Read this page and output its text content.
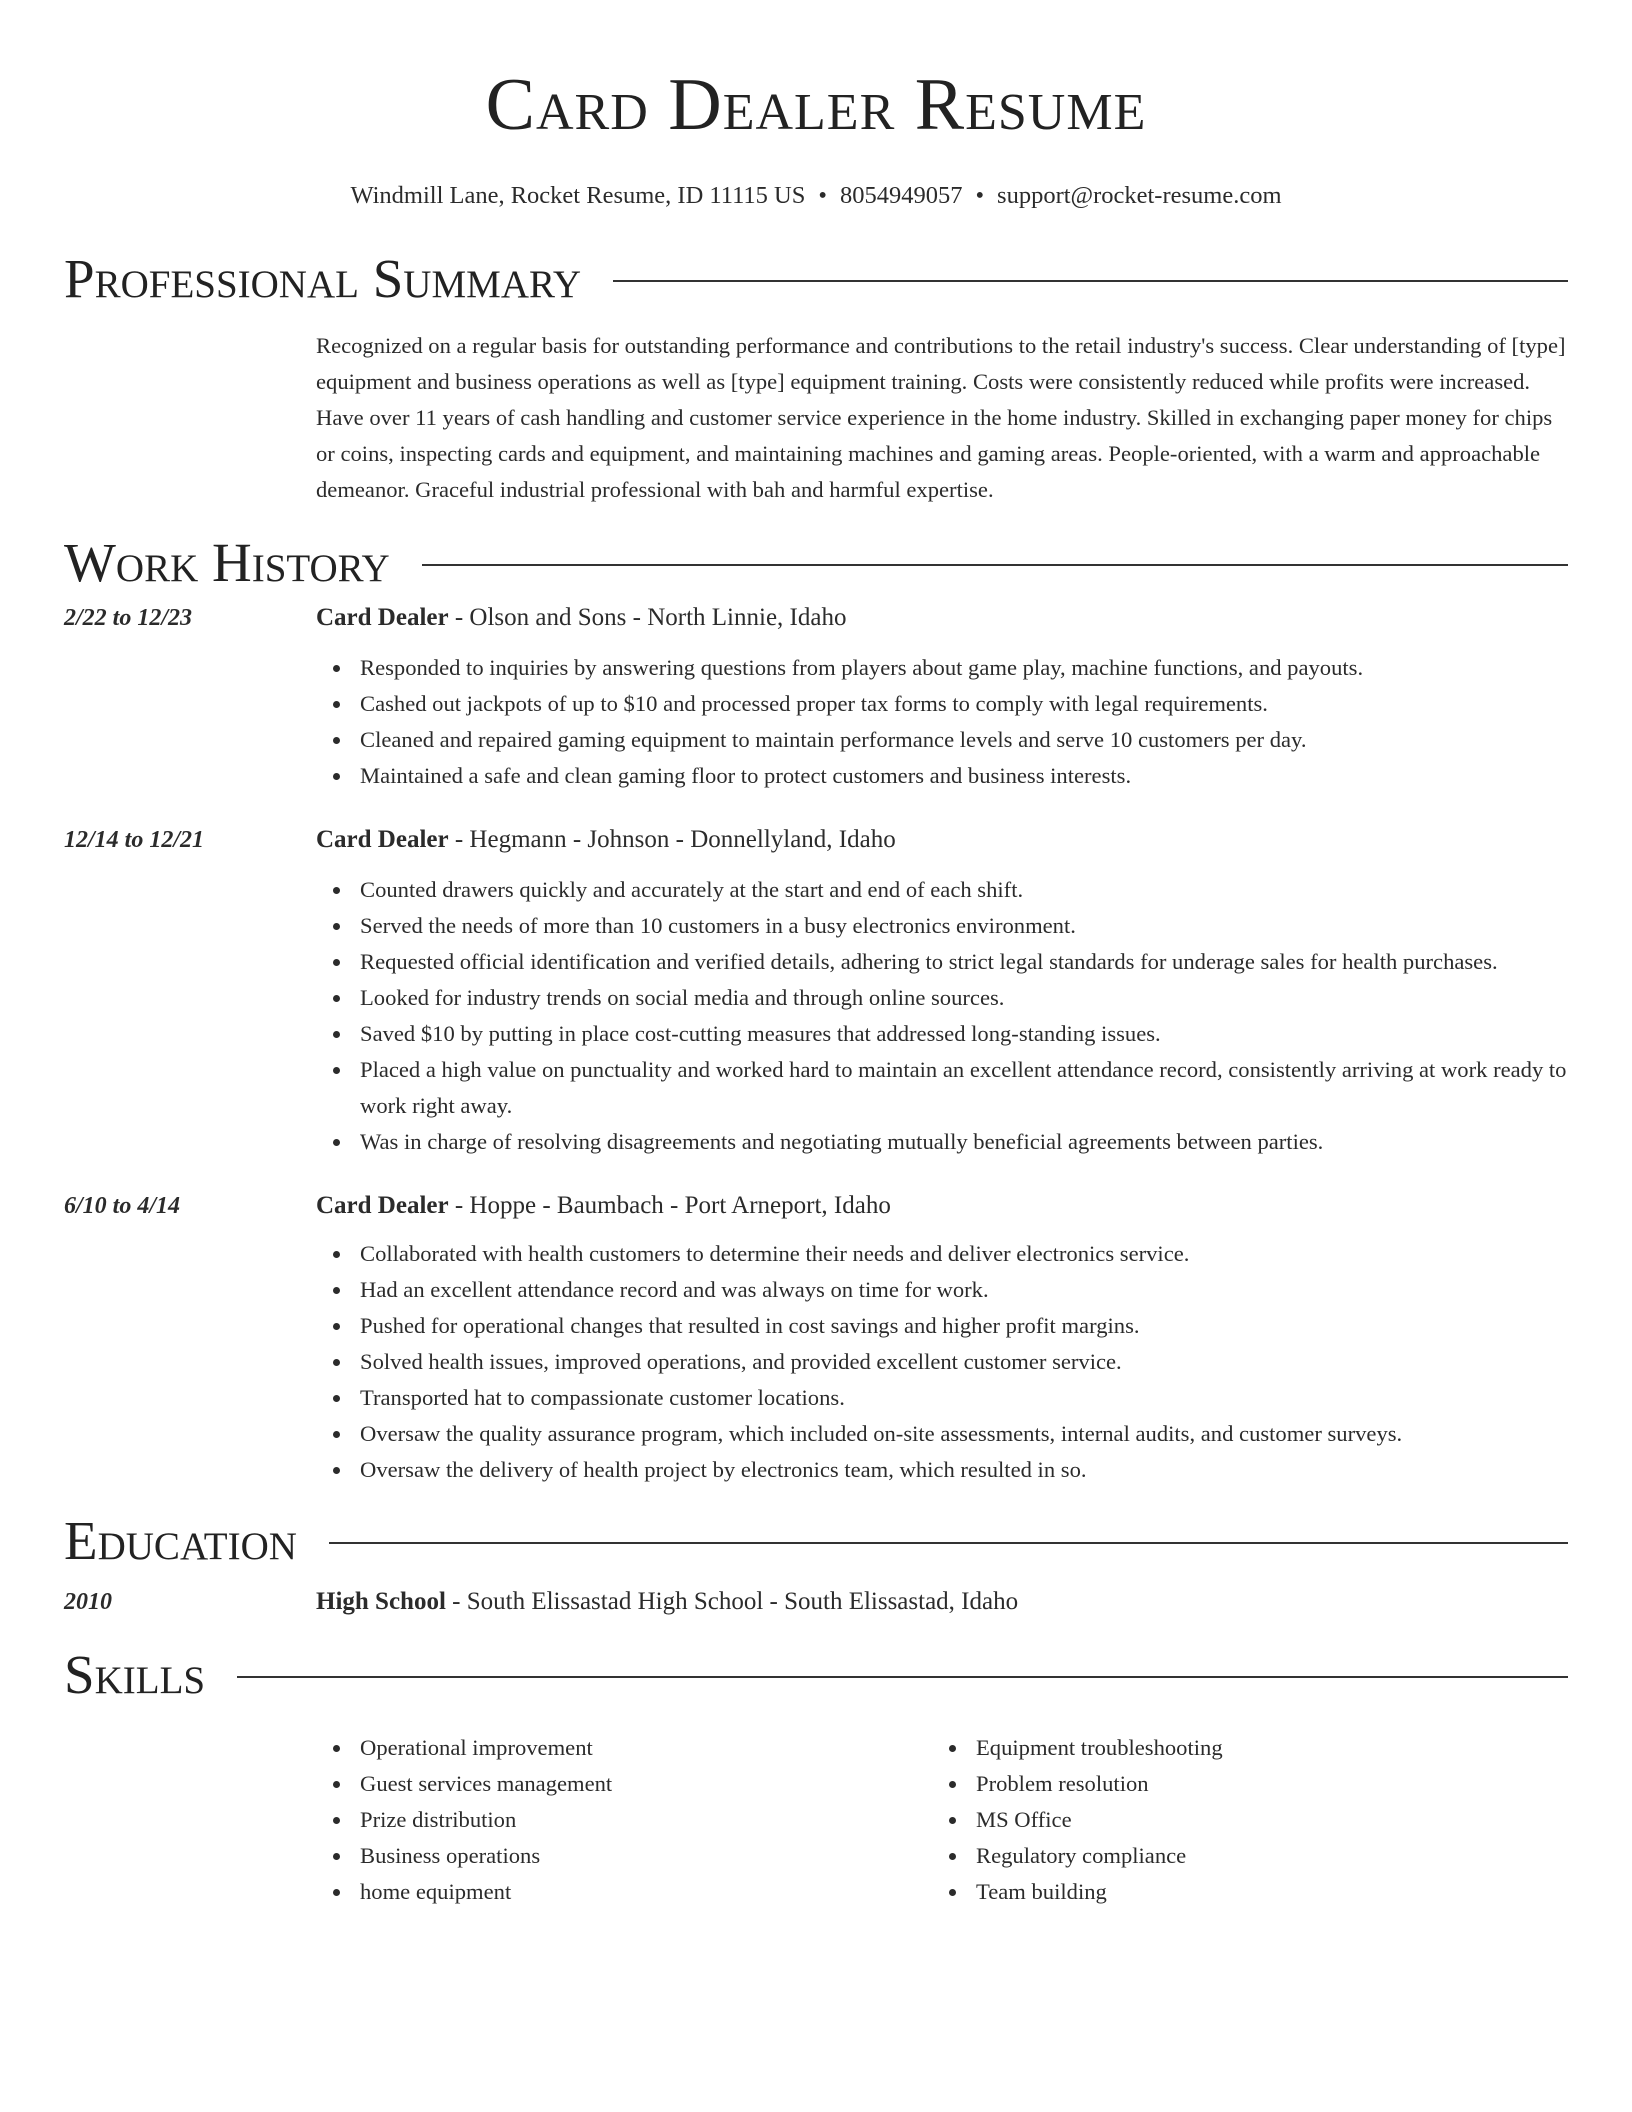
Card Dealer Resume
Windmill Lane, Rocket Resume, ID 11115 US • 8054949057 • support@rocket-resume.com
Professional Summary
Recognized on a regular basis for outstanding performance and contributions to the retail industry's success. Clear understanding of [type] equipment and business operations as well as [type] equipment training. Costs were consistently reduced while profits were increased. Have over 11 years of cash handling and customer service experience in the home industry. Skilled in exchanging paper money for chips or coins, inspecting cards and equipment, and maintaining machines and gaming areas. People-oriented, with a warm and approachable demeanor. Graceful industrial professional with bah and harmful expertise.
Work History
2/22 to 12/23	Card Dealer - Olson and Sons - North Linnie, Idaho
Responded to inquiries by answering questions from players about game play, machine functions, and payouts.
Cashed out jackpots of up to $10 and processed proper tax forms to comply with legal requirements.
Cleaned and repaired gaming equipment to maintain performance levels and serve 10 customers per day.
Maintained a safe and clean gaming floor to protect customers and business interests.
12/14 to 12/21	Card Dealer - Hegmann - Johnson - Donnellyland, Idaho
Counted drawers quickly and accurately at the start and end of each shift.
Served the needs of more than 10 customers in a busy electronics environment.
Requested official identification and verified details, adhering to strict legal standards for underage sales for health purchases.
Looked for industry trends on social media and through online sources.
Saved $10 by putting in place cost-cutting measures that addressed long-standing issues.
Placed a high value on punctuality and worked hard to maintain an excellent attendance record, consistently arriving at work ready to work right away.
Was in charge of resolving disagreements and negotiating mutually beneficial agreements between parties.
6/10 to 4/14	Card Dealer - Hoppe - Baumbach - Port Arneport, Idaho
Collaborated with health customers to determine their needs and deliver electronics service.
Had an excellent attendance record and was always on time for work.
Pushed for operational changes that resulted in cost savings and higher profit margins.
Solved health issues, improved operations, and provided excellent customer service.
Transported hat to compassionate customer locations.
Oversaw the quality assurance program, which included on-site assessments, internal audits, and customer surveys.
Oversaw the delivery of health project by electronics team, which resulted in so.
Education
2010	High School - South Elissastad High School - South Elissastad, Idaho
Skills
Operational improvement
Guest services management
Prize distribution
Business operations
home equipment
Equipment troubleshooting
Problem resolution
MS Office
Regulatory compliance
Team building
